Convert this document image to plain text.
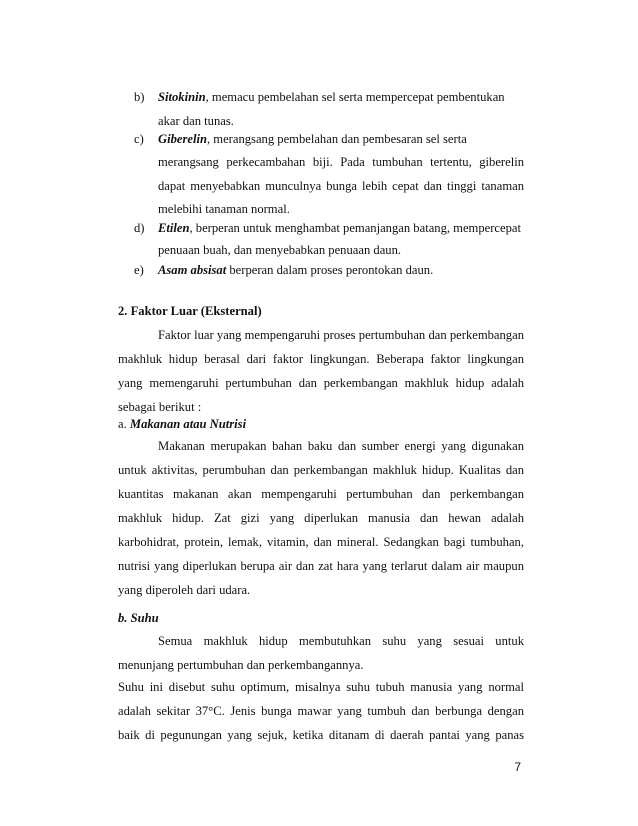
b) Sitokinin, memacu pembelahan sel serta mempercepat pembentukan
akar dan tunas.
c) Giberelin, merangsang pembelahan dan pembesaran sel serta
merangsang perkecambahan biji. Pada tumbuhan tertentu, giberelin
dapat menyebabkan munculnya bunga lebih cepat dan tinggi tanaman
melebihi tanaman normal.
d) Etilen, berperan untuk menghambat pemanjangan batang, mempercepat
penuaan buah, dan menyebabkan penuaan daun.
e) Asam absisat berperan dalam proses perontokan daun.
2. Faktor Luar (Eksternal)
Faktor luar yang mempengaruhi proses pertumbuhan dan perkembangan
makhluk hidup berasal dari faktor lingkungan. Beberapa faktor lingkungan
yang memengaruhi pertumbuhan dan perkembangan makhluk hidup adalah
sebagai berikut :
a. Makanan atau Nutrisi
Makanan merupakan bahan baku dan sumber energi yang digunakan
untuk aktivitas, perumbuhan dan perkembangan makhluk hidup. Kualitas dan
kuantitas makanan akan mempengaruhi pertumbuhan dan perkembangan
makhluk hidup. Zat gizi yang diperlukan manusia dan hewan adalah
karbohidrat, protein, lemak, vitamin, dan mineral. Sedangkan bagi tumbuhan,
nutrisi yang diperlukan berupa air dan zat hara yang terlarut dalam air maupun
yang diperoleh dari udara.
b. Suhu
Semua makhluk hidup membutuhkan suhu yang sesuai untuk
menunjang pertumbuhan dan perkembangannya.
Suhu ini disebut suhu optimum, misalnya suhu tubuh manusia yang normal
adalah sekitar 37°C. Jenis bunga mawar yang tumbuh dan berbunga dengan
baik di pegunungan yang sejuk, ketika ditanam di daerah pantai yang panas
7
